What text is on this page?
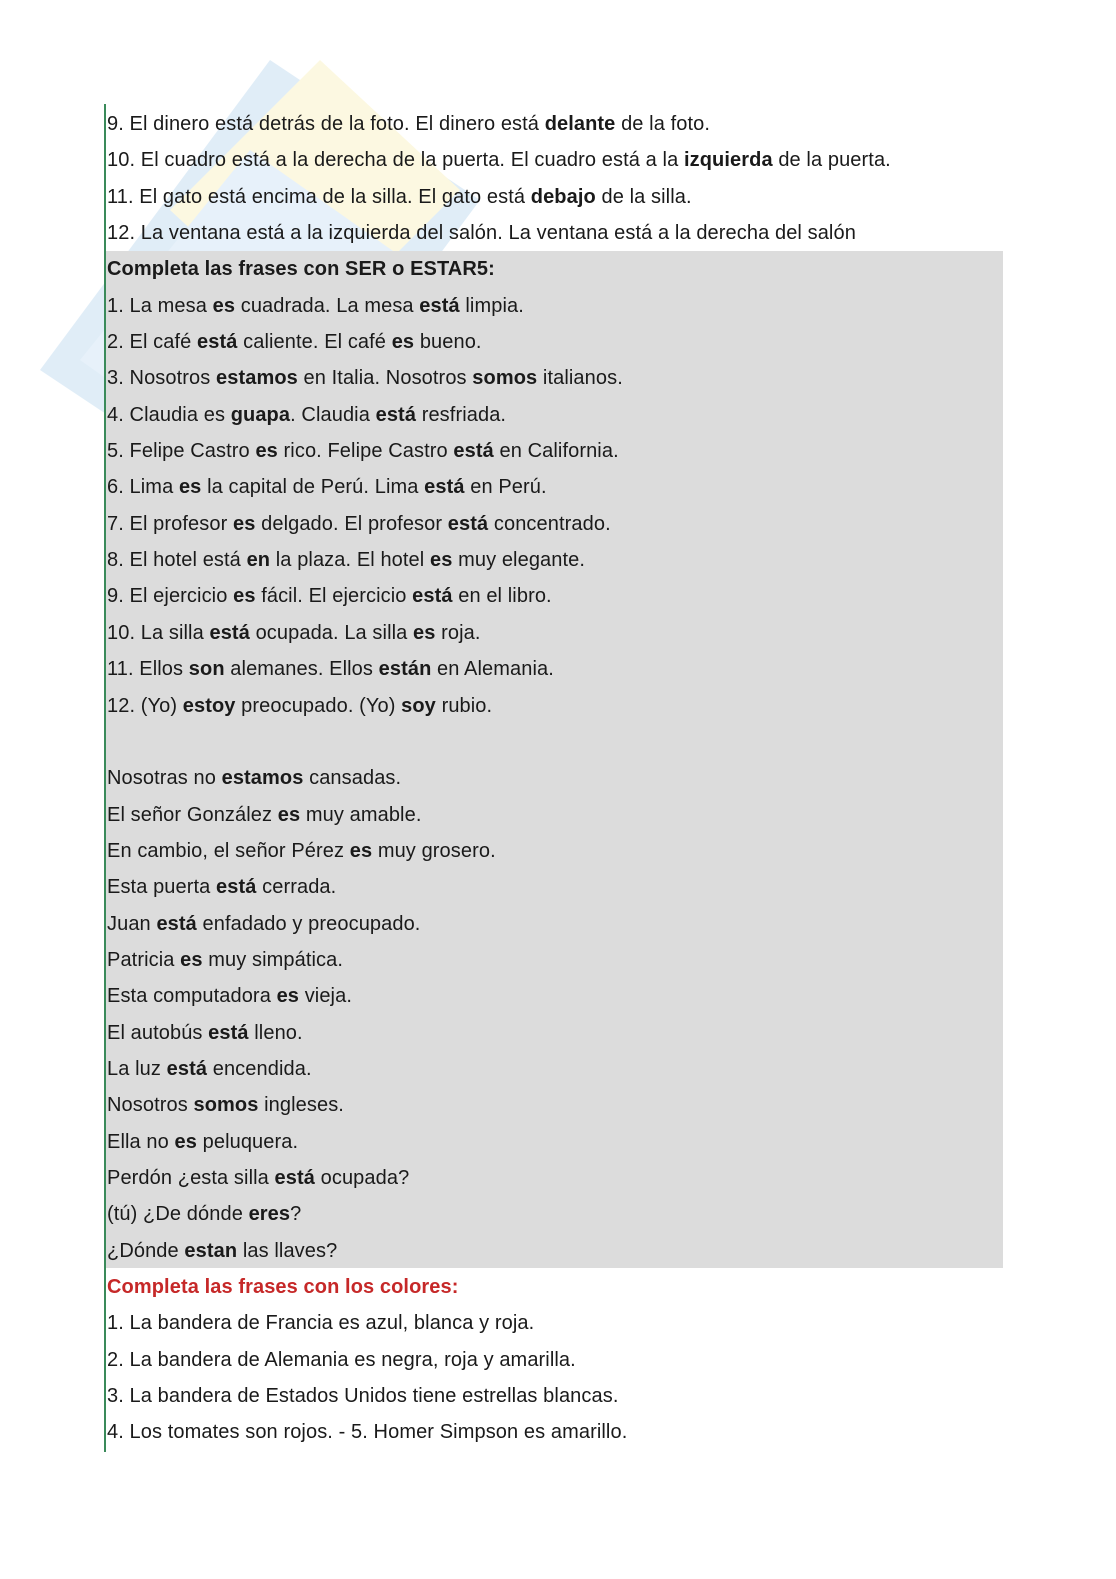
9. El dinero está detrás de la foto. El dinero está delante de la foto.
10. El cuadro está a la derecha de la puerta. El cuadro está a la izquierda de la puerta.
11. El gato está encima de la silla. El gato está debajo de la silla.
12. La ventana está a la izquierda del salón. La ventana está a la derecha del salón
Completa las frases con SER o ESTAR5:
1. La mesa es cuadrada. La mesa está limpia.
2. El café está caliente. El café es bueno.
3. Nosotros estamos en Italia. Nosotros somos italianos.
4. Claudia es guapa. Claudia está resfriada.
5. Felipe Castro es rico. Felipe Castro está en California.
6. Lima es la capital de Perú. Lima está en Perú.
7. El profesor es delgado. El profesor está concentrado.
8. El hotel está en la plaza. El hotel es muy elegante.
9. El ejercicio es fácil. El ejercicio está en el libro.
10. La silla está ocupada. La silla es roja.
11. Ellos son alemanes. Ellos están en Alemania.
12. (Yo) estoy preocupado. (Yo) soy rubio.
Nosotras no estamos cansadas.
El señor González es muy amable.
En cambio, el señor Pérez es muy grosero.
Esta puerta está cerrada.
Juan está enfadado y preocupado.
Patricia es muy simpática.
Esta computadora es vieja.
El autobús está lleno.
La luz está encendida.
Nosotros somos ingleses.
Ella no es peluquera.
Perdón ¿esta silla está ocupada?
(tú) ¿De dónde eres?
¿Dónde estan las llaves?
Completa las frases con los colores:
1. La bandera de Francia es azul, blanca y roja.
2. La bandera de Alemania es negra, roja y amarilla.
3. La bandera de Estados Unidos tiene estrellas blancas.
4. Los tomates son rojos. - 5. Homer Simpson es amarillo.
